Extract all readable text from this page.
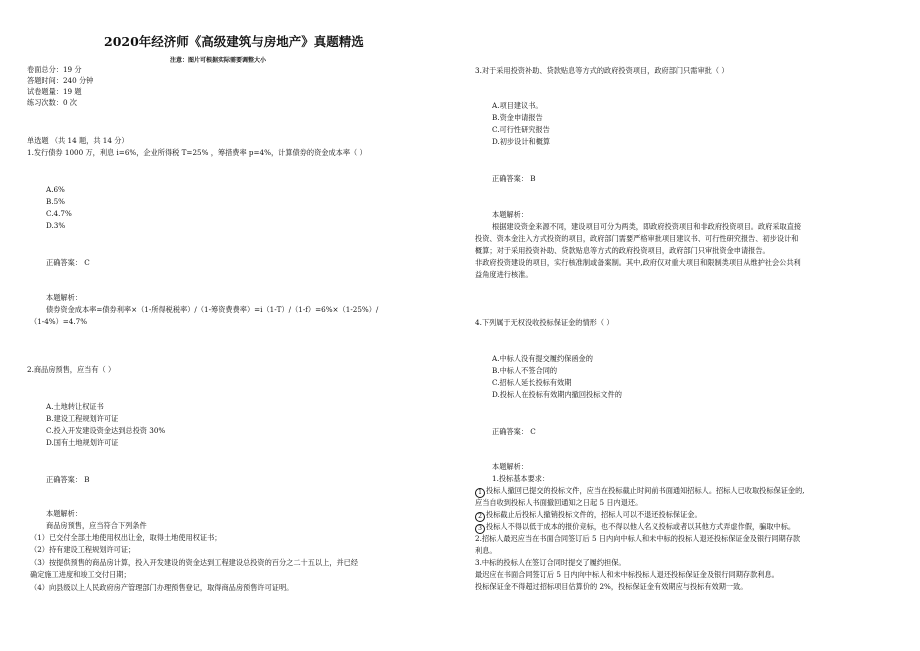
2020年经济师《高级建筑与房地产》真题精选
注意：图片可根据实际需要调整大小
卷面总分：19 分
答题时间：240 分钟
试卷题量：19 题
练习次数：0 次
单选题 （共 14 题，共 14 分）
1.发行债券 1000 万，利息 i=6%，企业所得税 T=25% ，筹措费率 p=4%，计算债券的资金成本率（ ）
A.6%
B.5%
C.4.7%
D.3%
正确答案： C
本题解析：
债券资金成本率=债券利率×（1-所得税税率）/（1-筹资费费率）=i（1-T）/（1-f）=6%×（1-25%）/
（1-4%）=4.7%
2.商品房预售，应当有（ ）
A.土地转让权证书
B.建设工程规划许可证
C.投入开发建设资金达到总投资 30%
D.国有土地规划许可证
正确答案： B
本题解析：
商品房预售，应当符合下列条件
（1）已交付全部土地使用权出让金，取得土地使用权证书；
（2）持有建设工程规划许可证；
（3）按提供预售的商品房计算，投入开发建设的资金达到工程建设总投资的百分之二十五以上，并已经
确定施工进度和竣工交付日期；
（4）向县级以上人民政府房产管理部门办理预售登记，取得商品房预售许可证明。
3.对于采用投资补助、贷款贴息等方式的政府投资项目，政府部门只需审批（ ）
A.项目建议书。
B.资金申请报告
C.可行性研究报告
D.初步设计和概算
正确答案： B
本题解析：
根据建设资金来源不同，建设项目可分为两类，即政府投资项目和非政府投资项目。政府采取直接
投资、资本金注入方式投资的项目，政府部门需要严格审批项目建议书、可行性研究报告、初步设计和
概算；对于采用投资补助、贷款贴息等方式的政府投资项目，政府部门只审批资金申请报告。
非政府投资建设的项目，实行核准制或备案制。其中,政府仅对重大项目和限制类项目从维护社会公共利
益角度进行核准。
4.下列属于无权没收投标保证金的情形（ ）
A.中标人没有提交履约保函金的
B.中标人不签合同的
C.招标人延长投标有效期
D.投标人在投标有效期内撤回投标文件的
正确答案： C
本题解析：
1.投标基本要求：
1 投标人撤回已提交的投标文件，应当在投标截止时间前书面通知招标人。招标人已收取投标保证金的,
应当自收到投标人书面撤回通知之日起 5 日内退还。
2 投标截止后投标人撤销投标文件的，招标人可以不退还投标保证金。
3 投标人不得以低于成本的报价竞标，也不得以他人名义投标或者以其他方式弄虚作假，骗取中标。
2.招标人最迟应当在书面合同签订后 5 日内向中标人和未中标的投标人退还投标保证金及银行同期存款
利息。
3.中标的投标人在签订合同时提交了履约担保。
最迟应在书面合同签订后 5 日内向中标人和未中标投标人退还投标保证金及银行同期存款利息。
投标保证金不得超过招标项目估算价的 2%，投标保证金有效期应与投标有效期一致。
